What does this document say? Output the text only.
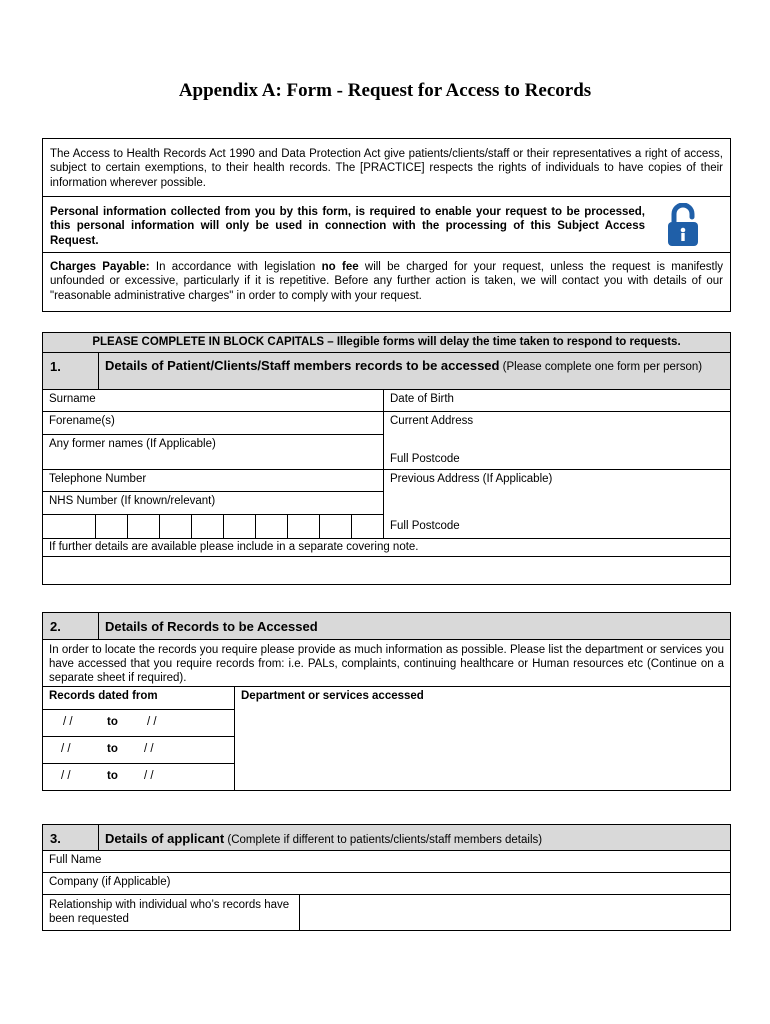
Appendix A: Form - Request for Access to Records
The Access to Health Records Act 1990 and Data Protection Act give patients/clients/staff or their representatives a right of access, subject to certain exemptions, to their health records. The [PRACTICE] respects the rights of individuals to have copies of their information wherever possible.
Personal information collected from you by this form, is required to enable your request to be processed, this personal information will only be used in connection with the processing of this Subject Access Request.
Charges Payable: In accordance with legislation no fee will be charged for your request, unless the request is manifestly unfounded or excessive, particularly if it is repetitive. Before any further action is taken, we will contact you with details of our "reasonable administrative charges" in order to comply with your request.
PLEASE COMPLETE IN BLOCK CAPITALS – Illegible forms will delay the time taken to respond to requests.
1.	Details of Patient/Clients/Staff members records to be accessed (Please complete one form per person)
Surname	Date of Birth
Forename(s)	Current Address
Full Postcode
Any former names (If Applicable)
Telephone Number	Previous Address (If Applicable)
Full Postcode
NHS Number (If known/relevant)
If further details are available please include in a separate covering note.
2.	Details of Records to be Accessed
In order to locate the records you require please provide as much information as possible. Please list the department or services you have accessed that you require records from: i.e. PALs, complaints, continuing healthcare or Human resources etc (Continue on a separate sheet if required).
Records dated from	Department or services accessed
/ /	to	/ /
/ /	to / /
/ /	to / /
3.	Details of applicant (Complete if different to patients/clients/staff members details)
Full Name
Company (if Applicable)
Relationship with individual who’s records have been requested
